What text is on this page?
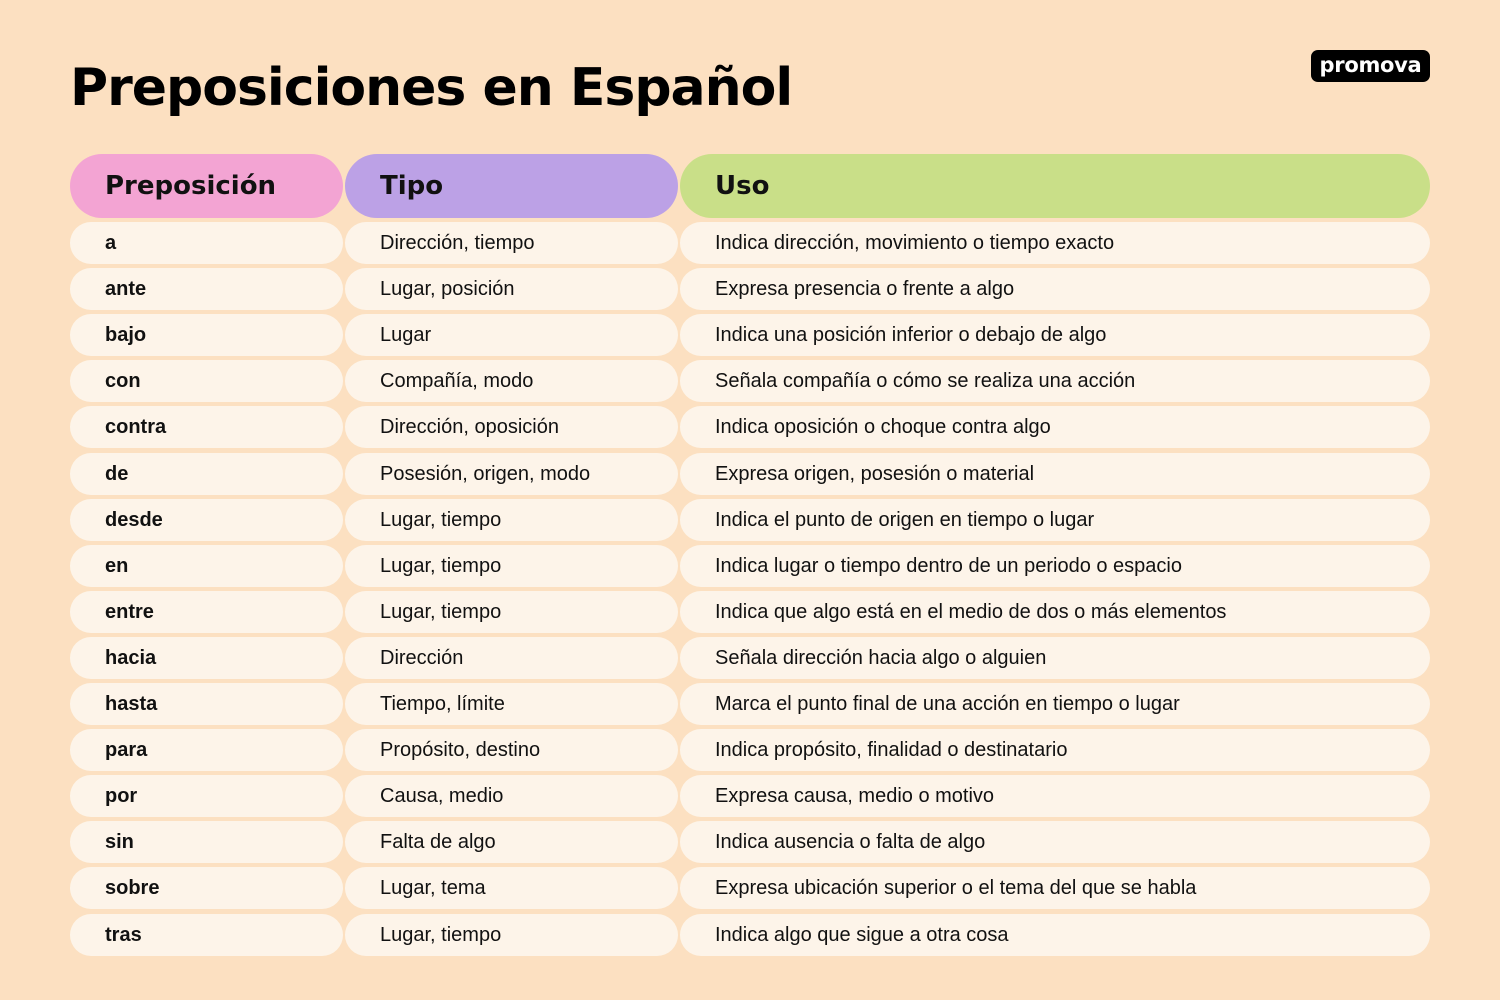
Preposiciones en Español	promova
Preposición	Tipo	Uso
a	Dirección, tiempo	Indica dirección, movimiento o tiempo exacto
ante	Lugar, posición	Expresa presencia o frente a algo
bajo	Lugar	Indica una posición inferior o debajo de algo
con	Compañía, modo	Señala compañía o cómo se realiza una acción
contra	Dirección, oposición	Indica oposición o choque contra algo
de	Posesión, origen, modo	Expresa origen, posesión o material
desde	Lugar, tiempo	Indica el punto de origen en tiempo o lugar
en	Lugar, tiempo	Indica lugar o tiempo dentro de un periodo o espacio
entre	Lugar, tiempo	Indica que algo está en el medio de dos o más elementos
hacia	Dirección	Señala dirección hacia algo o alguien
hasta	Tiempo, límite	Marca el punto final de una acción en tiempo o lugar
para	Propósito, destino	Indica propósito, finalidad o destinatario
por	Causa, medio	Expresa causa, medio o motivo
sin	Falta de algo	Indica ausencia o falta de algo
sobre	Lugar, tema	Expresa ubicación superior o el tema del que se habla
tras	Lugar, tiempo	Indica algo que sigue a otra cosa
